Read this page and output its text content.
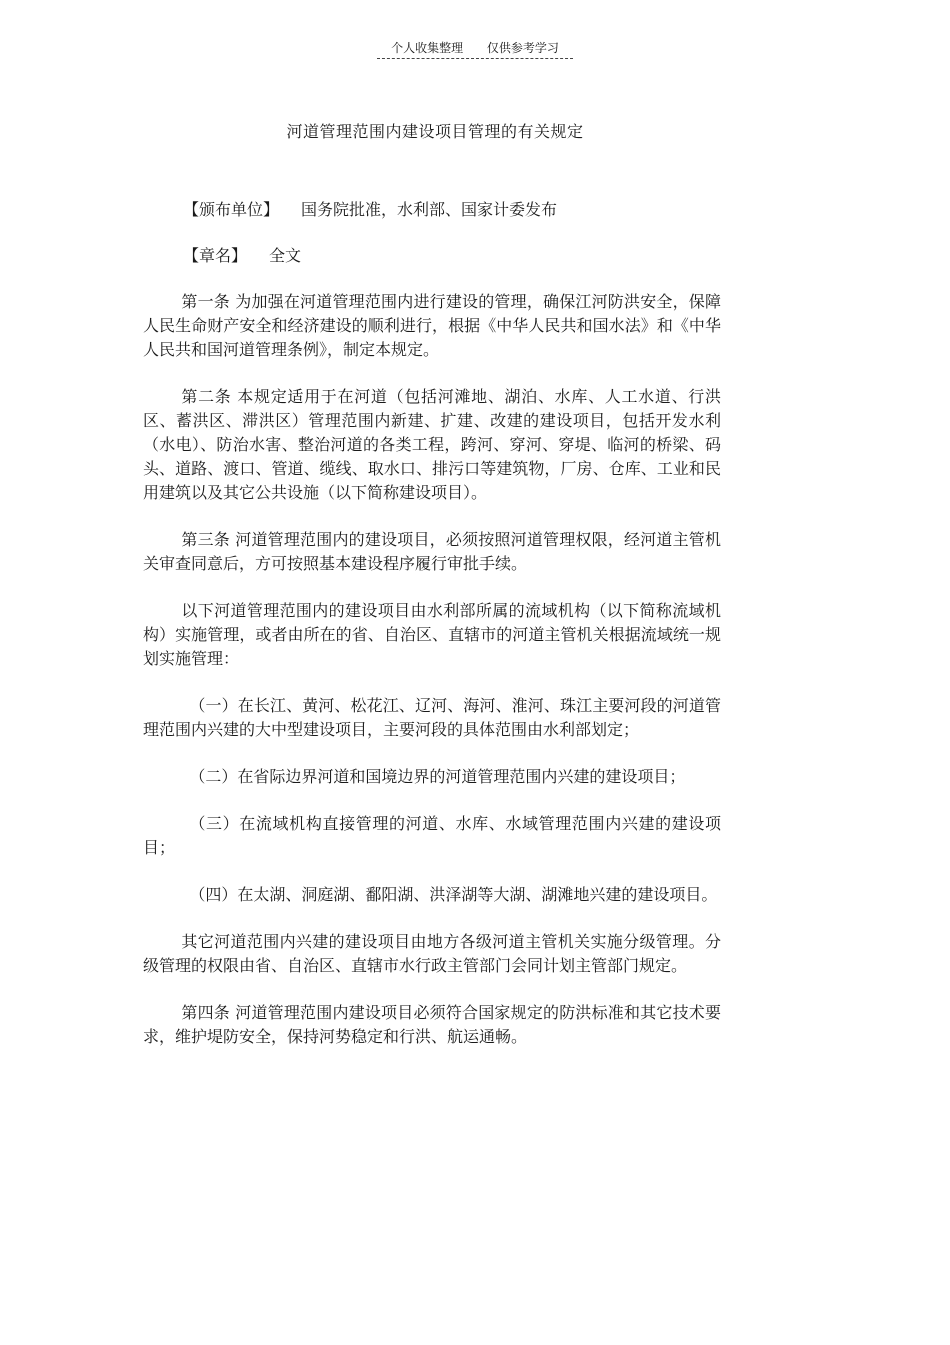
个人收集整理 仅供参考学习
河道管理范围内建设项目管理的有关规定
【颁布单位】 国务院批准，水利部、国家计委发布
【章名】 全文

第一条 为加强在河道管理范围内进行建设的管理，确保江河防洪安全，保障人民生命财产安全和经济建设的顺利进行，根据《中华人民共和国水法》和《中华人民共和国河道管理条例》，制定本规定。

第二条 本规定适用于在河道（包括河滩地、湖泊、水库、人工水道、行洪区、蓄洪区、滞洪区）管理范围内新建、扩建、改建的建设项目，包括开发水利（水电）、防治水害、整治河道的各类工程，跨河、穿河、穿堤、临河的桥梁、码头、道路、渡口、管道、缆线、取水口、排污口等建筑物，厂房、仓库、工业和民用建筑以及其它公共设施（以下简称建设项目）。

第三条 河道管理范围内的建设项目，必须按照河道管理权限，经河道主管机关审查同意后，方可按照基本建设程序履行审批手续。

以下河道管理范围内的建设项目由水利部所属的流域机构（以下简称流域机构）实施管理，或者由所在的省、自治区、直辖市的河道主管机关根据流域统一规划实施管理：

（一）在长江、黄河、松花江、辽河、海河、淮河、珠江主要河段的河道管理范围内兴建的大中型建设项目，主要河段的具体范围由水利部划定；

（二）在省际边界河道和国境边界的河道管理范围内兴建的建设项目；

（三）在流域机构直接管理的河道、水库、水域管理范围内兴建的建设项目；

（四）在太湖、洞庭湖、鄱阳湖、洪泽湖等大湖、湖滩地兴建的建设项目。

其它河道范围内兴建的建设项目由地方各级河道主管机关实施分级管理。分级管理的权限由省、自治区、直辖市水行政主管部门会同计划主管部门规定。

第四条 河道管理范围内建设项目必须符合国家规定的防洪标准和其它技术要求，维护堤防安全，保持河势稳定和行洪、航运通畅。
